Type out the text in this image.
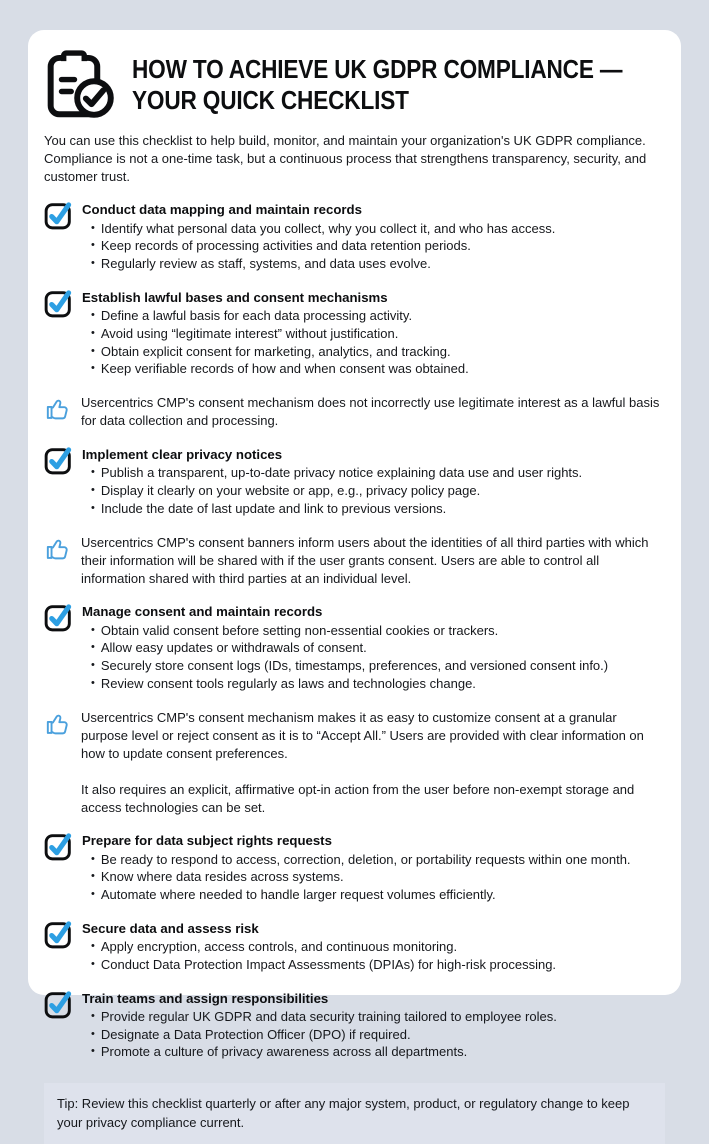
HOW TO ACHIEVE UK GDPR COMPLIANCE —
YOUR QUICK CHECKLIST

You can use this checklist to help build, monitor, and maintain your organization's UK GDPR compliance. Compliance is not a one-time task, but a continuous process that strengthens transparency, security, and customer trust.

Conduct data mapping and maintain records
• Identify what personal data you collect, why you collect it, and who has access.
• Keep records of processing activities and data retention periods.
• Regularly review as staff, systems, and data uses evolve.
Establish lawful bases and consent mechanisms
• Define a lawful basis for each data processing activity.
• Avoid using “legitimate interest” without justification.
• Obtain explicit consent for marketing, analytics, and tracking.
• Keep verifiable records of how and when consent was obtained.
Usercentrics CMP's consent mechanism does not incorrectly use legitimate interest as a lawful basis for data collection and processing.
Implement clear privacy notices
• Publish a transparent, up-to-date privacy notice explaining data use and user rights.
• Display it clearly on your website or app, e.g., privacy policy page.
• Include the date of last update and link to previous versions.
Usercentrics CMP's consent banners inform users about the identities of all third parties with which their information will be shared with if the user grants consent. Users are able to control all information shared with third parties at an individual level.
Manage consent and maintain records
• Obtain valid consent before setting non-essential cookies or trackers.
• Allow easy updates or withdrawals of consent.
• Securely store consent logs (IDs, timestamps, preferences, and versioned consent info.)
• Review consent tools regularly as laws and technologies change.
Usercentrics CMP's consent mechanism makes it as easy to customize consent at a granular purpose level or reject consent as it is to “Accept All.” Users are provided with clear information on how to update consent preferences.
It also requires an explicit, affirmative opt-in action from the user before non-exempt storage and access technologies can be set.
Prepare for data subject rights requests
• Be ready to respond to access, correction, deletion, or portability requests within one month.
• Know where data resides across systems.
• Automate where needed to handle larger request volumes efficiently.
Secure data and assess risk
• Apply encryption, access controls, and continuous monitoring.
• Conduct Data Protection Impact Assessments (DPIAs) for high-risk processing.
Train teams and assign responsibilities
• Provide regular UK GDPR and data security training tailored to employee roles.
• Designate a Data Protection Officer (DPO) if required.
• Promote a culture of privacy awareness across all departments.
Tip: Review this checklist quarterly or after any major system, product, or regulatory change to keep your privacy compliance current.
